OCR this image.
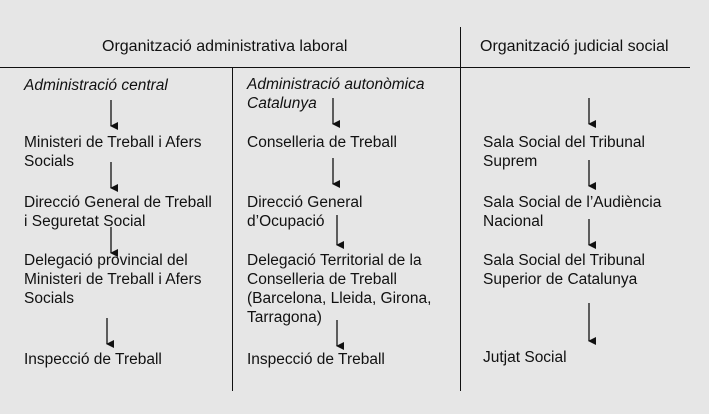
Organització administrativa laboral	Organització judicial social
Administració central
Ministeri de Treball i Afers
Socials
Direcció General de Treball
i Seguretat Social
Delegació provincial del
Ministeri de Treball i Afers
Socials
Inspecció de Treball
Administració autonòmica
Catalunya
Conselleria de Treball
Direcció General
d’Ocupació
Delegació Territorial de la
Conselleria de Treball
(Barcelona, Lleida, Girona,
Tarragona)
Inspecció de Treball
Sala Social del Tribunal
Suprem
Sala Social de l’Audiència
Nacional
Sala Social del Tribunal
Superior de Catalunya
Jutjat Social
